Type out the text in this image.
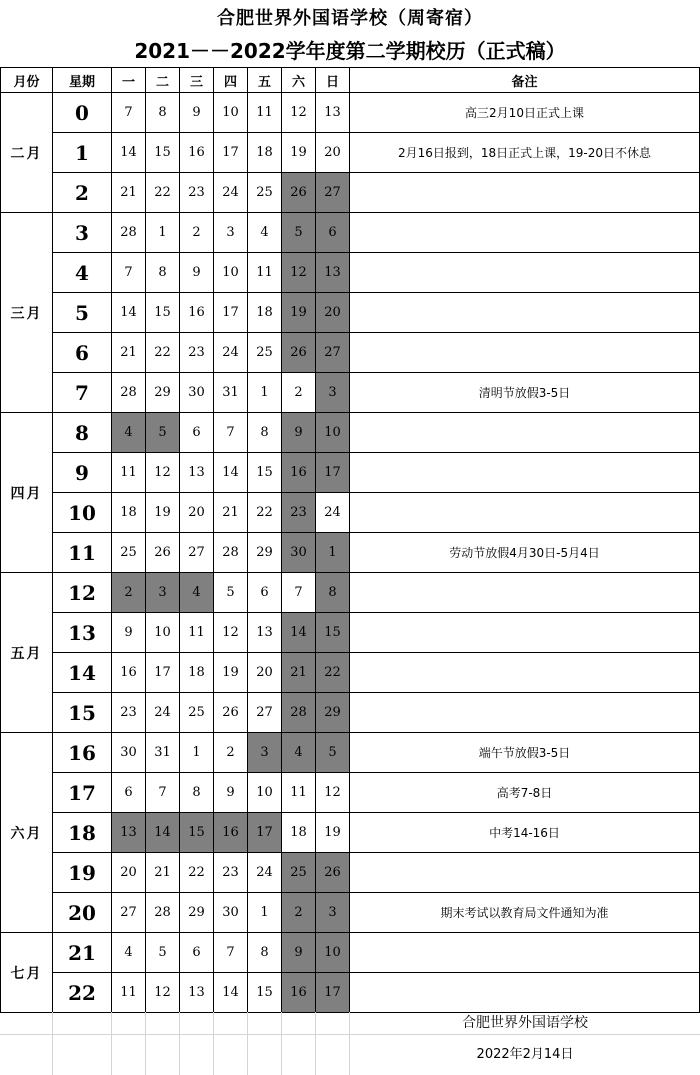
合肥世界外国语学校（周寄宿）
2021－－2022学年度第二学期校历（正式稿）
月份	星期	一	二	三	四	五	六	日	备注
二月	0	7	8	9	10	11	12	13	高三2月10日正式上课
	1	14	15	16	17	18	19	20	2月16日报到，18日正式上课，19-20日不休息
	2	21	22	23	24	25	26	27	
三月	3	28	1	2	3	4	5	6	
	4	7	8	9	10	11	12	13	
	5	14	15	16	17	18	19	20	
	6	21	22	23	24	25	26	27	
	7	28	29	30	31	1	2	3	清明节放假3-5日
四月	8	4	5	6	7	8	9	10	
	9	11	12	13	14	15	16	17	
	10	18	19	20	21	22	23	24	
	11	25	26	27	28	29	30	1	劳动节放假4月30日-5月4日
五月	12	2	3	4	5	6	7	8	
	13	9	10	11	12	13	14	15	
	14	16	17	18	19	20	21	22	
	15	23	24	25	26	27	28	29	
六月	16	30	31	1	2	3	4	5	端午节放假3-5日
	17	6	7	8	9	10	11	12	高考7-8日
	18	13	14	15	16	17	18	19	中考14-16日
	19	20	21	22	23	24	25	26	
	20	27	28	29	30	1	2	3	期末考试以教育局文件通知为准
七月	21	4	5	6	7	8	9	10	
	22	11	12	13	14	15	16	17	
合肥世界外国语学校
2022年2月14日
